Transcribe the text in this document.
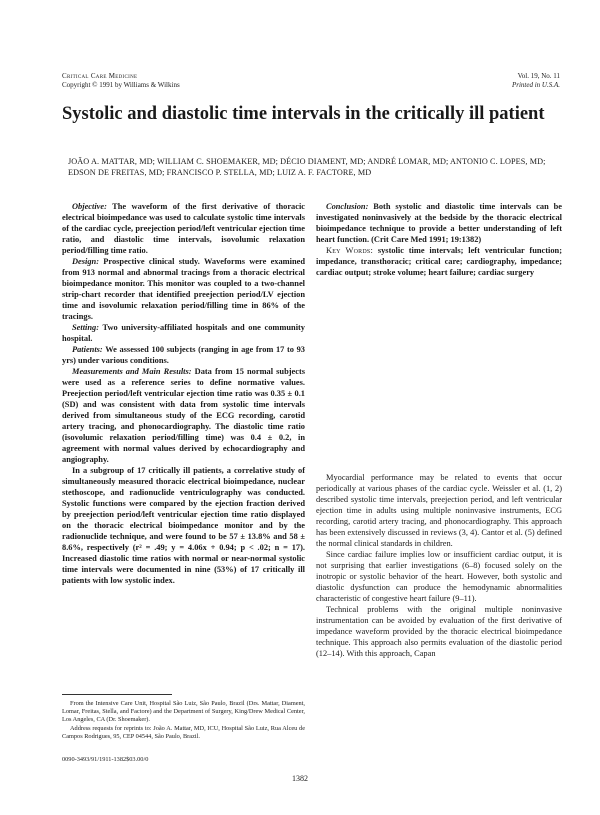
Critical Care Medicine
Copyright © 1991 by Williams & Wilkins
Vol. 19, No. 11
Printed in U.S.A.
Systolic and diastolic time intervals in the critically ill patient
JOÃO A. MATTAR, MD; WILLIAM C. SHOEMAKER, MD; DÉCIO DIAMENT, MD; ANDRÉ LOMAR, MD; ANTONIO C. LOPES, MD; EDSON DE FREITAS, MD; FRANCISCO P. STELLA, MD; LUIZ A. F. FACTORE, MD

Objective: The waveform of the first derivative of thoracic electrical bioimpedance was used to calculate systolic time intervals of the cardiac cycle, preejection period/left ventricular ejection time ratio, and diastolic time intervals, isovolumic relaxation period/filling time ratio.

Design: Prospective clinical study. Waveforms were examined from 913 normal and abnormal tracings from a thoracic electrical bioimpedance monitor. This monitor was coupled to a two-channel strip-chart recorder that identified preejection period/LV ejection time and isovolumic relaxation period/filling time in 86% of the tracings.

Setting: Two university-affiliated hospitals and one community hospital.

Patients: We assessed 100 subjects (ranging in age from 17 to 93 yrs) under various conditions.

Measurements and Main Results: Data from 15 normal subjects were used as a reference series to define normative values. Preejection period/left ventricular ejection time ratio was 0.35 ± 0.1 (SD) and was consistent with data from systolic time intervals derived from simultaneous study of the ECG recording, carotid artery tracing, and phonocardiography. The diastolic time ratio (isovolumic relaxation period/filling time) was 0.4 ± 0.2, in agreement with normal values derived by echocardiography and angiography.

In a subgroup of 17 critically ill patients, a correlative study of simultaneously measured thoracic electrical bioimpedance, nuclear stethoscope, and radionuclide ventriculography was conducted. Systolic functions were compared by the ejection fraction derived by preejection period/left ventricular ejection time ratio displayed on the thoracic electrical bioimpedance monitor and by the radionuclide technique, and were found to be 57 ± 13.8% and 58 ± 8.6%, respectively (r² = .49; y = 4.06x + 0.94; p < .02; n = 17). Increased diastolic time ratios with normal or near-normal systolic time intervals were documented in nine (53%) of 17 critically ill patients with low systolic index.

Conclusion: Both systolic and diastolic time intervals can be investigated noninvasively at the bedside by the thoracic electrical bioimpedance technique to provide a better understanding of left heart function. (Crit Care Med 1991; 19:1382)

Key Words: systolic time intervals; left ventricular function; impedance, transthoracic; critical care; cardiography, impedance; cardiac output; stroke volume; heart failure; cardiac surgery

Myocardial performance may be related to events that occur periodically at various phases of the cardiac cycle. Weissler et al. (1, 2) described systolic time intervals, preejection period, and left ventricular ejection time in adults using multiple noninvasive instruments, ECG recording, carotid artery tracing, and phonocardiography. This approach has been extensively discussed in reviews (3, 4). Cantor et al. (5) defined the normal clinical standards in children.

Since cardiac failure implies low or insufficient cardiac output, it is not surprising that earlier investigations (6–8) focused solely on the inotropic or systolic behavior of the heart. However, both systolic and diastolic dysfunction can produce the hemodynamic abnormalities characteristic of congestive heart failure (9–11).

Technical problems with the original multiple noninvasive instrumentation can be avoided by evaluation of the first derivative of impedance waveform provided by the thoracic electrical bioimpedance technique. This approach also permits evaluation of the diastolic period (12–14). With this approach, Capan

From the Intensive Care Unit, Hospital São Luiz, São Paulo, Brazil (Drs. Mattar, Diament, Lomar, Freitas, Stella, and Factore) and the Department of Surgery, King/Drew Medical Center, Los Angeles, CA (Dr. Shoemaker).

Address requests for reprints to: João A. Mattar, MD, ICU, Hospital São Luiz, Rua Alceu de Campos Rodrigues, 95, CEP 04544, São Paulo, Brazil.

0090-3493/91/1911-1382$03.00/0
1382
